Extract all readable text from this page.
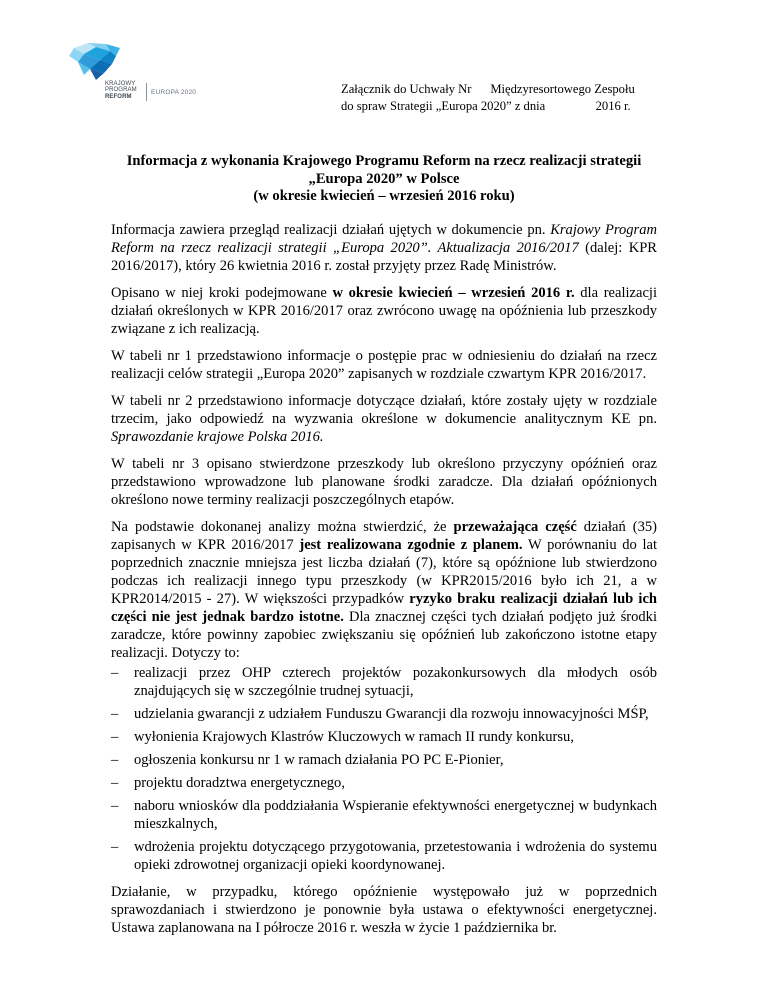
KRAJOWY
PROGRAM
REFORM
EUROPA 2020	Załącznik do Uchwały Nr      Międzyresortowego Zespołu
do spraw Strategii „Europa 2020” z dnia                2016 r.
Informacja z wykonania Krajowego Programu Reform na rzecz realizacji strategii
„Europa 2020” w Polsce
(w okresie kwiecień – wrzesień 2016 roku)

Informacja zawiera przegląd realizacji działań ujętych w dokumencie pn. Krajowy Program Reform na rzecz realizacji strategii „Europa 2020”. Aktualizacja 2016/2017 (dalej: KPR 2016/2017), który 26 kwietnia 2016 r. został przyjęty przez Radę Ministrów.

Opisano w niej kroki podejmowane w okresie kwiecień – wrzesień 2016 r. dla realizacji działań określonych w KPR 2016/2017 oraz zwrócono uwagę na opóźnienia lub przeszkody związane z ich realizacją.

W tabeli nr 1 przedstawiono informacje o postępie prac w odniesieniu do działań na rzecz realizacji celów strategii „Europa 2020” zapisanych w rozdziale czwartym KPR 2016/2017.

W tabeli nr 2 przedstawiono informacje dotyczące działań, które zostały ujęty w rozdziale trzecim, jako odpowiedź na wyzwania określone w dokumencie analitycznym KE pn. Sprawozdanie krajowe Polska 2016.

W tabeli nr 3 opisano stwierdzone przeszkody lub określono przyczyny opóźnień oraz przedstawiono wprowadzone lub planowane środki zaradcze. Dla działań opóźnionych określono nowe terminy realizacji poszczególnych etapów.

Na podstawie dokonanej analizy można stwierdzić, że przeważająca część działań (35) zapisanych w KPR 2016/2017 jest realizowana zgodnie z planem. W porównaniu do lat poprzednich znacznie mniejsza jest liczba działań (7), które są opóźnione lub stwierdzono podczas ich realizacji innego typu przeszkody (w KPR2015/2016 było ich 21, a w KPR2014/2015 - 27). W większości przypadków ryzyko braku realizacji działań lub ich części nie jest jednak bardzo istotne. Dla znacznej części tych działań podjęto już środki zaradcze, które powinny zapobiec zwiększaniu się opóźnień lub zakończono istotne etapy realizacji. Dotyczy to:

– realizacji przez OHP czterech projektów pozakonkursowych dla młodych osób znajdujących się w szczególnie trudnej sytuacji,
– udzielania gwarancji z udziałem Funduszu Gwarancji dla rozwoju innowacyjności MŚP,
– wyłonienia Krajowych Klastrów Kluczowych w ramach II rundy konkursu,
– ogłoszenia konkursu nr 1 w ramach działania PO PC E-Pionier,
– projektu doradztwa energetycznego,
– naboru wniosków dla poddziałania Wspieranie efektywności energetycznej w budynkach mieszkalnych,
– wdrożenia projektu dotyczącego przygotowania, przetestowania i wdrożenia do systemu opieki zdrowotnej organizacji opieki koordynowanej.

Działanie, w przypadku, którego opóźnienie występowało już w poprzednich sprawozdaniach i stwierdzono je ponownie była ustawa o efektywności energetycznej. Ustawa zaplanowana na I półrocze 2016 r. weszła w życie 1 października br.
